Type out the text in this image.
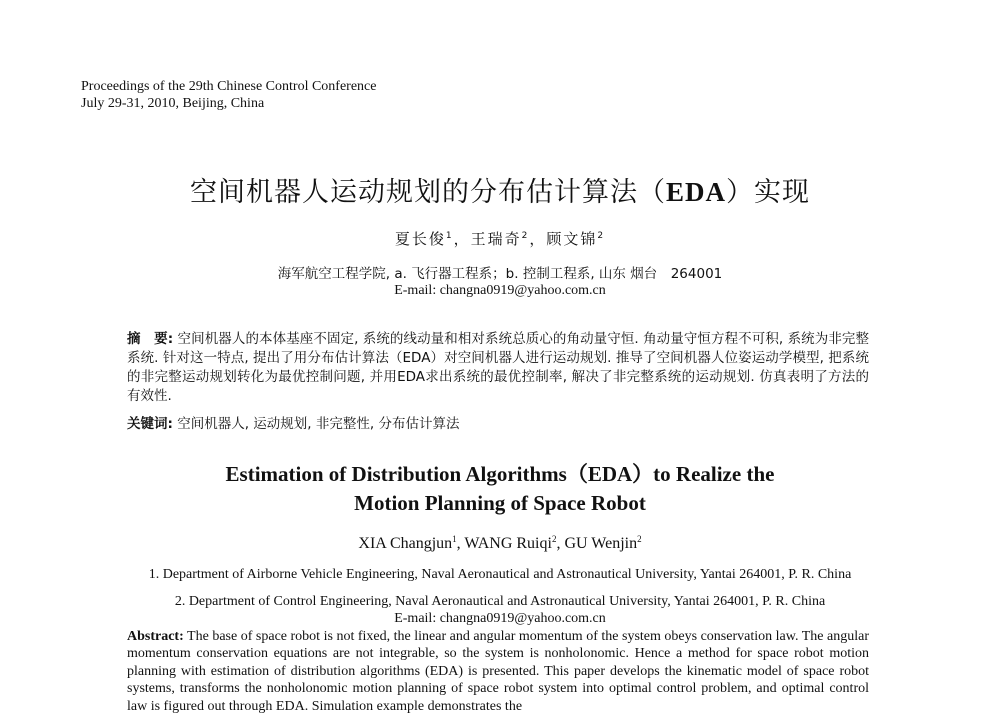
Proceedings of the 29th Chinese Control Conference
July 29-31, 2010, Beijing, China
空间机器人运动规划的分布估计算法（EDA）实现
夏长俊$^1$，王瑞奇$^2$，顾文锦$^2$
海军航空工程学院, a. 飞行器工程系；b. 控制工程系, 山东 烟台　264001
E-mail: changna0919@yahoo.com.cn
摘　要: 空间机器人的本体基座不固定, 系统的线动量和相对系统总质心的角动量守恒. 角动量守恒方程不可积, 系统为非完整系统. 针对这一特点, 提出了用分布估计算法（EDA）对空间机器人进行运动规划. 推导了空间机器人位姿运动学模型, 把系统的非完整运动规划转化为最优控制问题, 并用EDA求出系统的最优控制率, 解决了非完整系统的运动规划. 仿真表明了方法的有效性.
关键词: 空间机器人, 运动规划, 非完整性, 分布估计算法
Estimation of Distribution Algorithms（EDA）to Realize the
Motion Planning of Space Robot
XIA Changjun$^1$, WANG Ruiqi$^2$, GU Wenjin$^2$
1. Department of Airborne Vehicle Engineering, Naval Aeronautical and Astronautical University, Yantai 264001, P. R. China
2. Department of Control Engineering, Naval Aeronautical and Astronautical University, Yantai 264001, P. R. China
E-mail: changna0919@yahoo.com.cn
Abstract: The base of space robot is not fixed, the linear and angular momentum of the system obeys conservation law. The angular momentum conservation equations are not integrable, so the system is nonholonomic. Hence a method for space robot motion planning with estimation of distribution algorithms (EDA) is presented. This paper develops the kinematic model of space robot systems, transforms the nonholonomic motion planning of space robot system into optimal control problem, and optimal control law is figured out through EDA. Simulation example demonstrates the
